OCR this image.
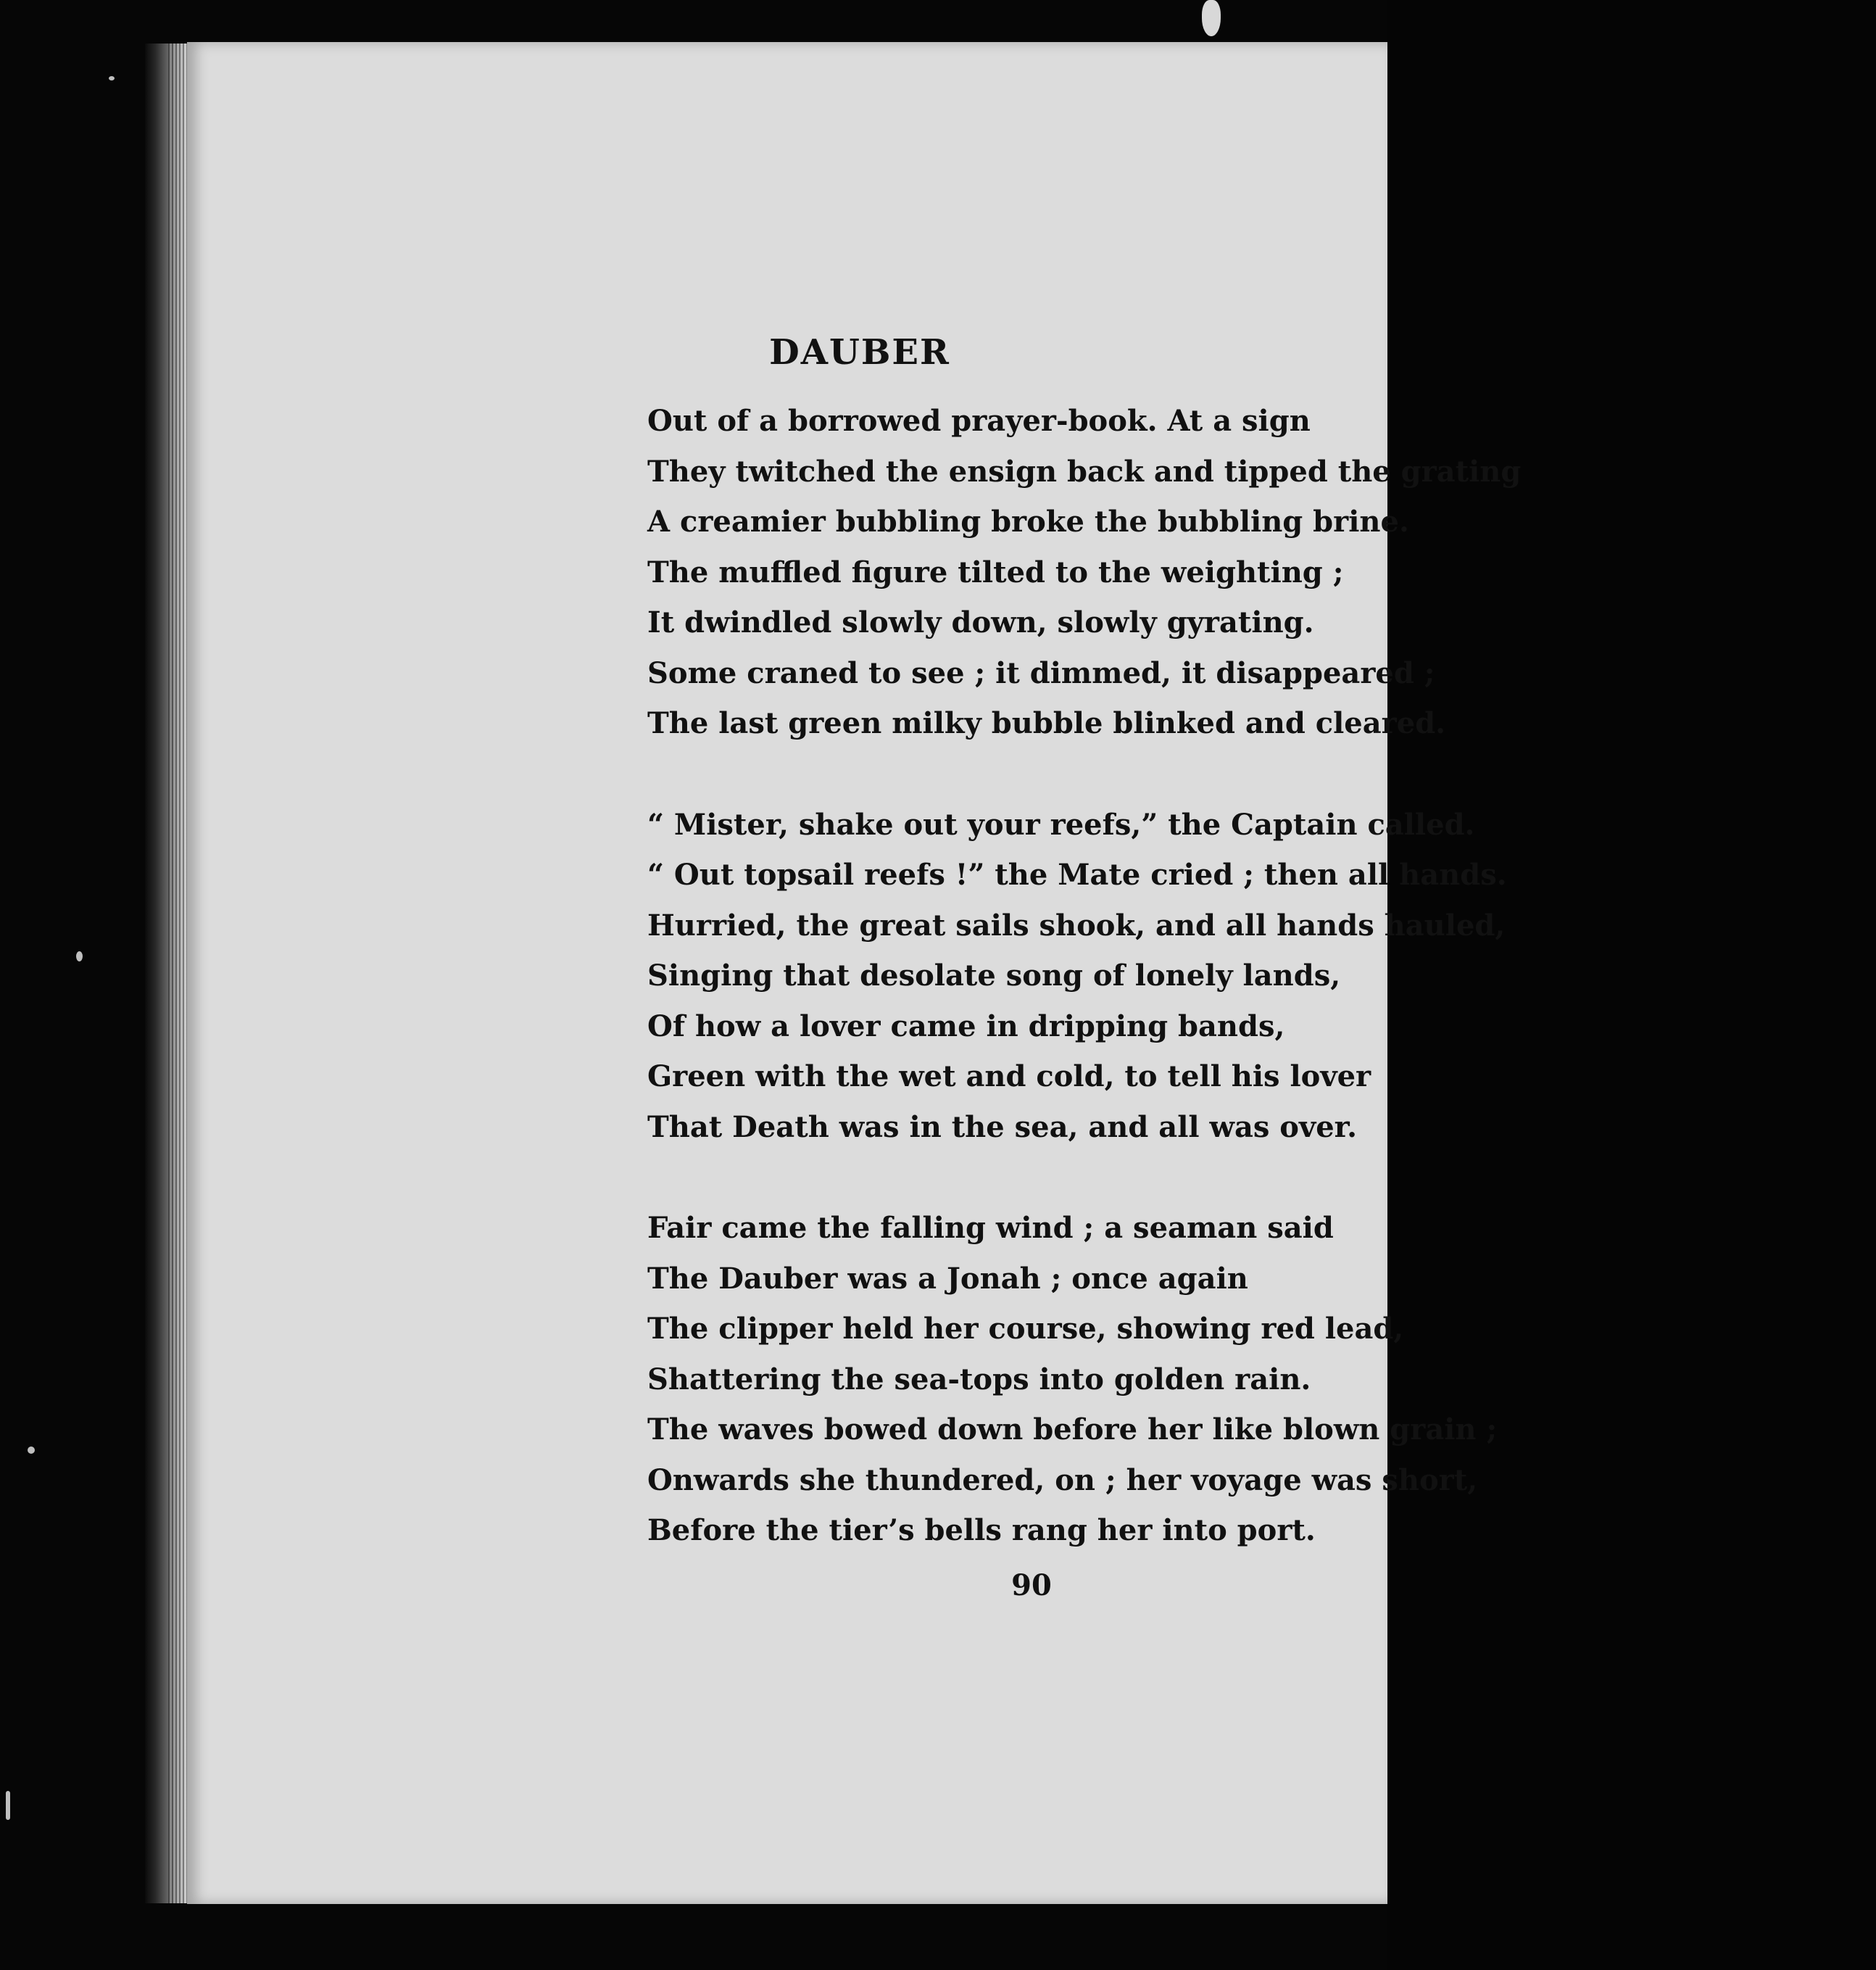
DAUBER
Out of a borrowed prayer-book. At a sign
They twitched the ensign back and tipped the grating
A creamier bubbling broke the bubbling brine.
The muffled figure tilted to the weighting ;
It dwindled slowly down, slowly gyrating.
Some craned to see ; it dimmed, it disappeared ;
The last green milky bubble blinked and cleared.
“ Mister, shake out your reefs,” the Captain called.
“ Out topsail reefs !” the Mate cried ; then all hands.
Hurried, the great sails shook, and all hands hauled,
Singing that desolate song of lonely lands,
Of how a lover came in dripping bands,
Green with the wet and cold, to tell his lover
That Death was in the sea, and all was over.
Fair came the falling wind ; a seaman said
The Dauber was a Jonah ; once again
The clipper held her course, showing red lead,
Shattering the sea-tops into golden rain.
The waves bowed down before her like blown grain ;
Onwards she thundered, on ; her voyage was short,
Before the tier’s bells rang her into port.
90
